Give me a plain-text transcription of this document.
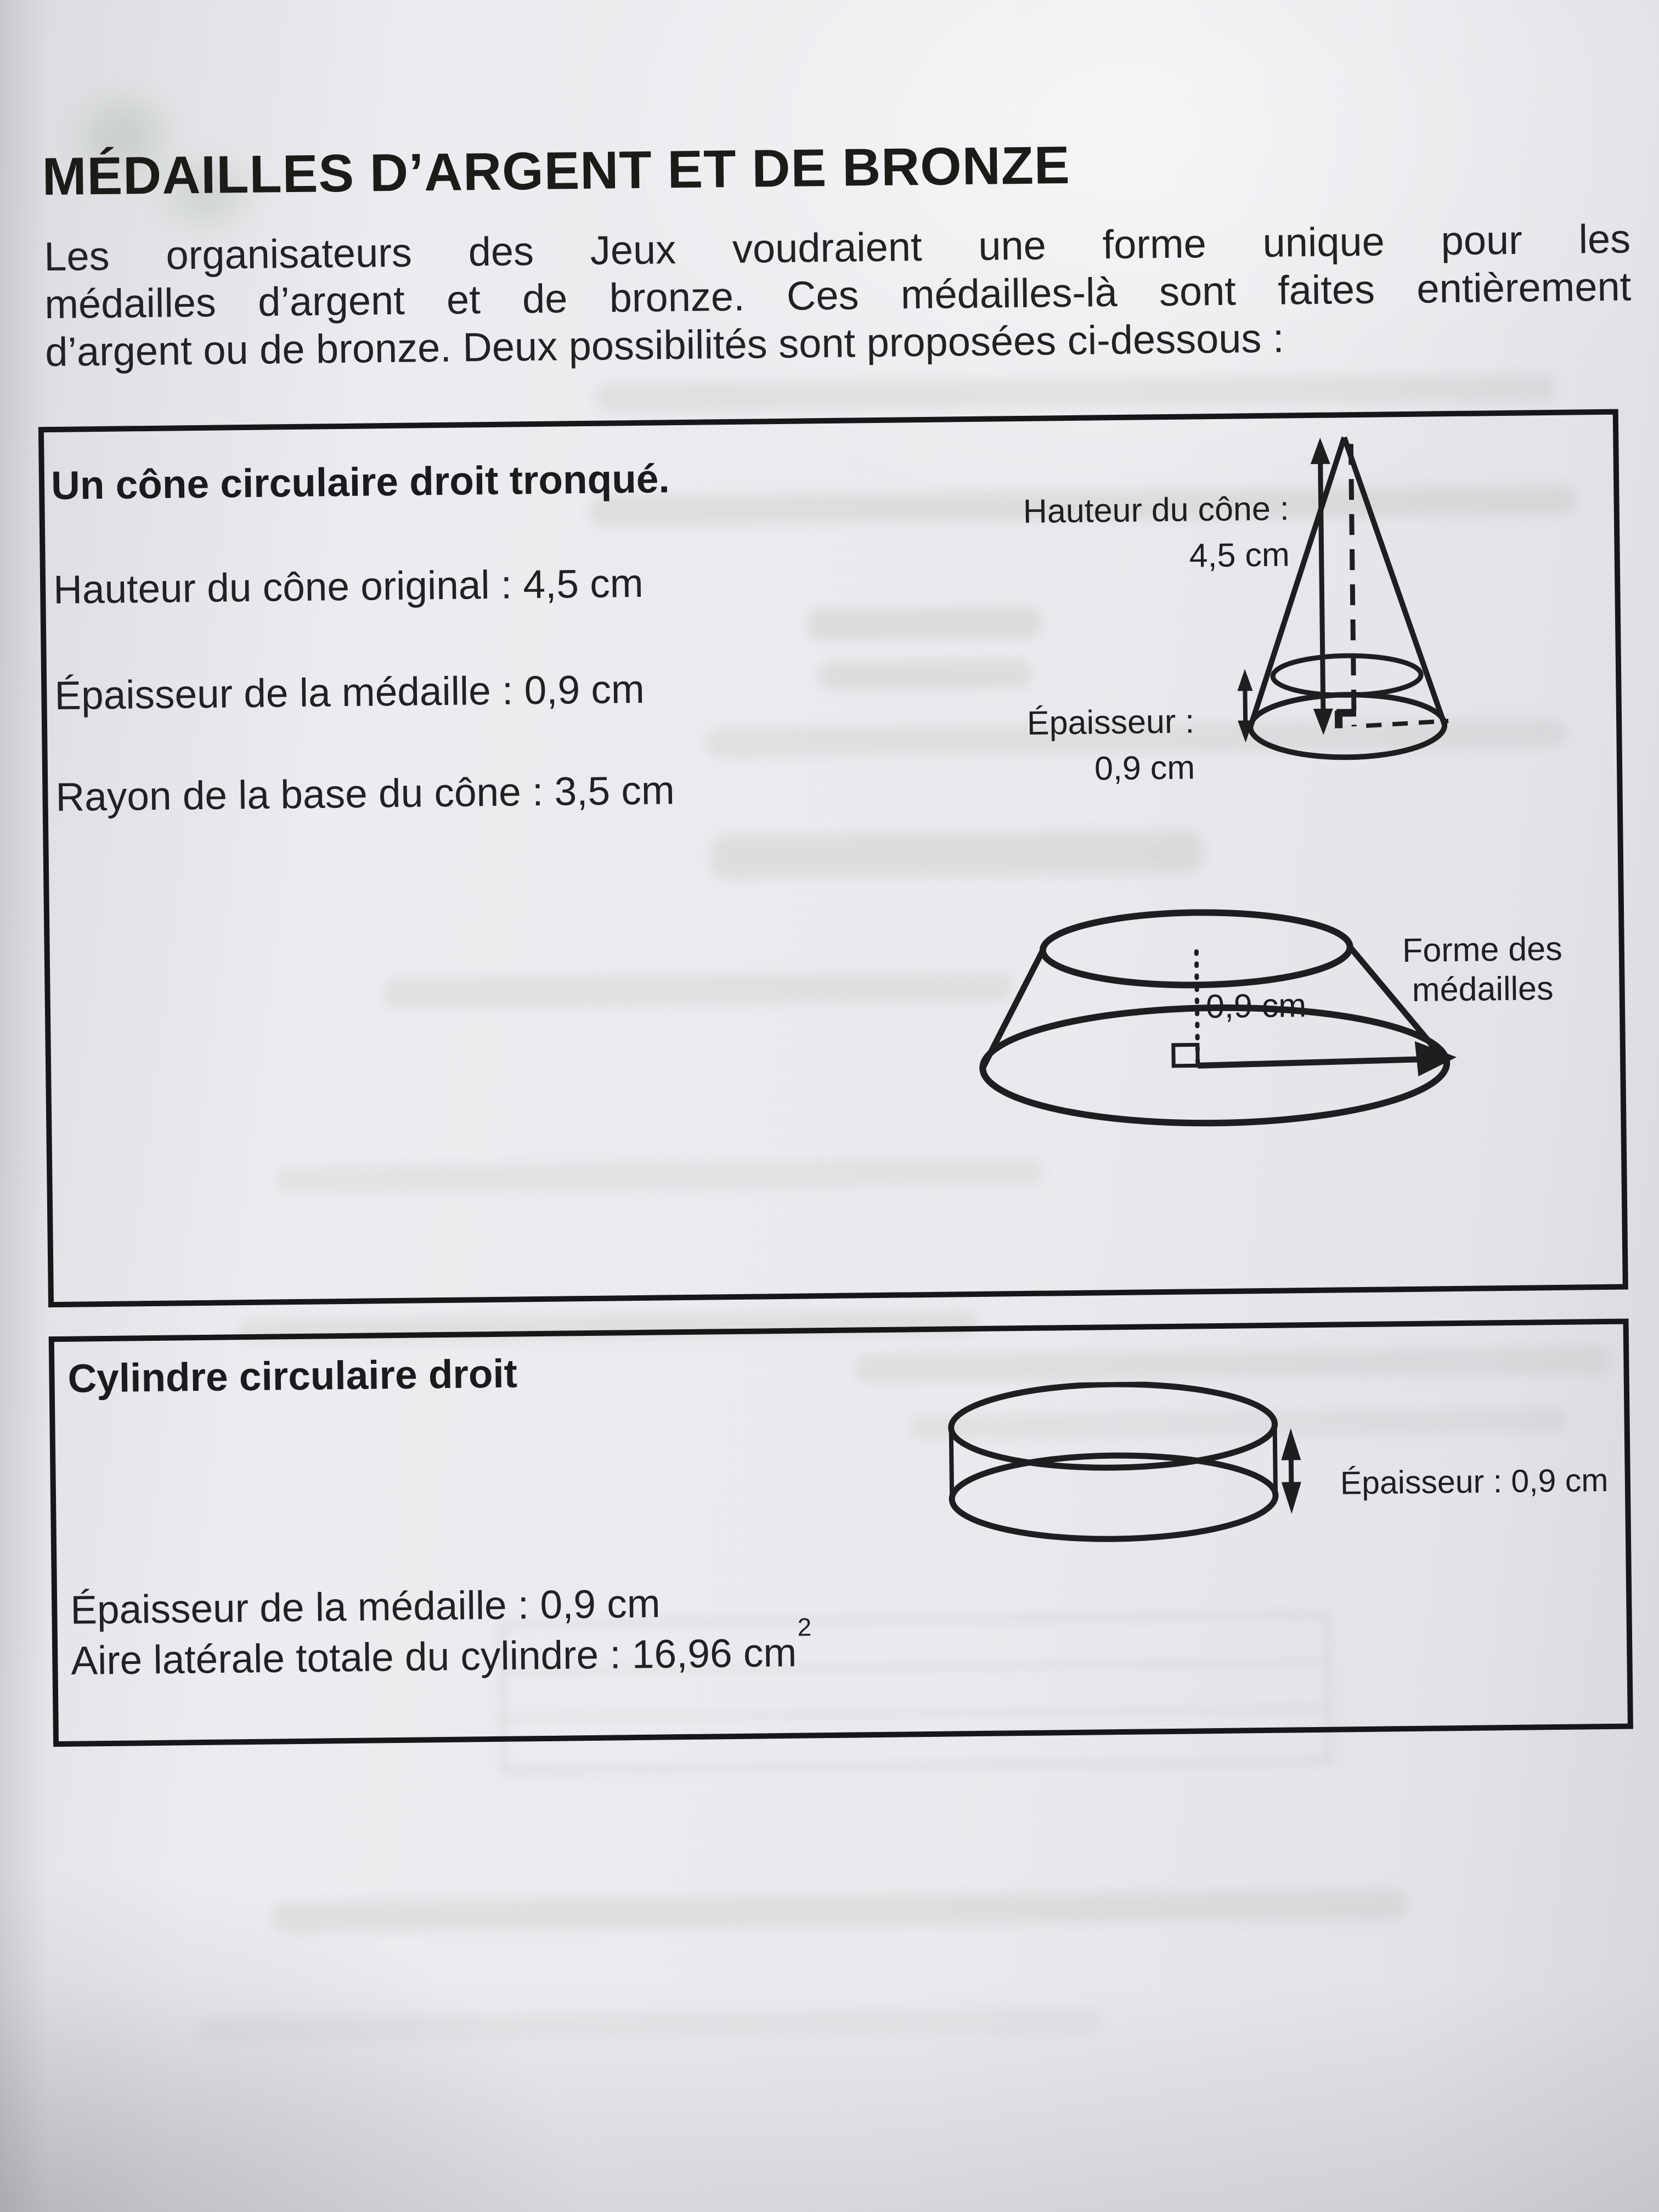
MÉDAILLES D’ARGENT ET DE BRONZE
Les organisateurs des Jeux voudraient une forme unique pour les
médailles d’argent et de bronze. Ces médailles-là sont faites entièrement
d’argent ou de bronze. Deux possibilités sont proposées ci-dessous :
Un cône circulaire droit tronqué.
Hauteur du cône original : 4,5 cm
Épaisseur de la médaille : 0,9 cm
Rayon de la base du cône : 3,5 cm
Hauteur du cône :
4,5 cm
Épaisseur :
0,9 cm
0,9 cm
Forme des
médailles
Cylindre circulaire droit
Épaisseur : 0,9 cm
Épaisseur de la médaille : 0,9 cm
Aire latérale totale du cylindre : 16,96 $cm^2$
